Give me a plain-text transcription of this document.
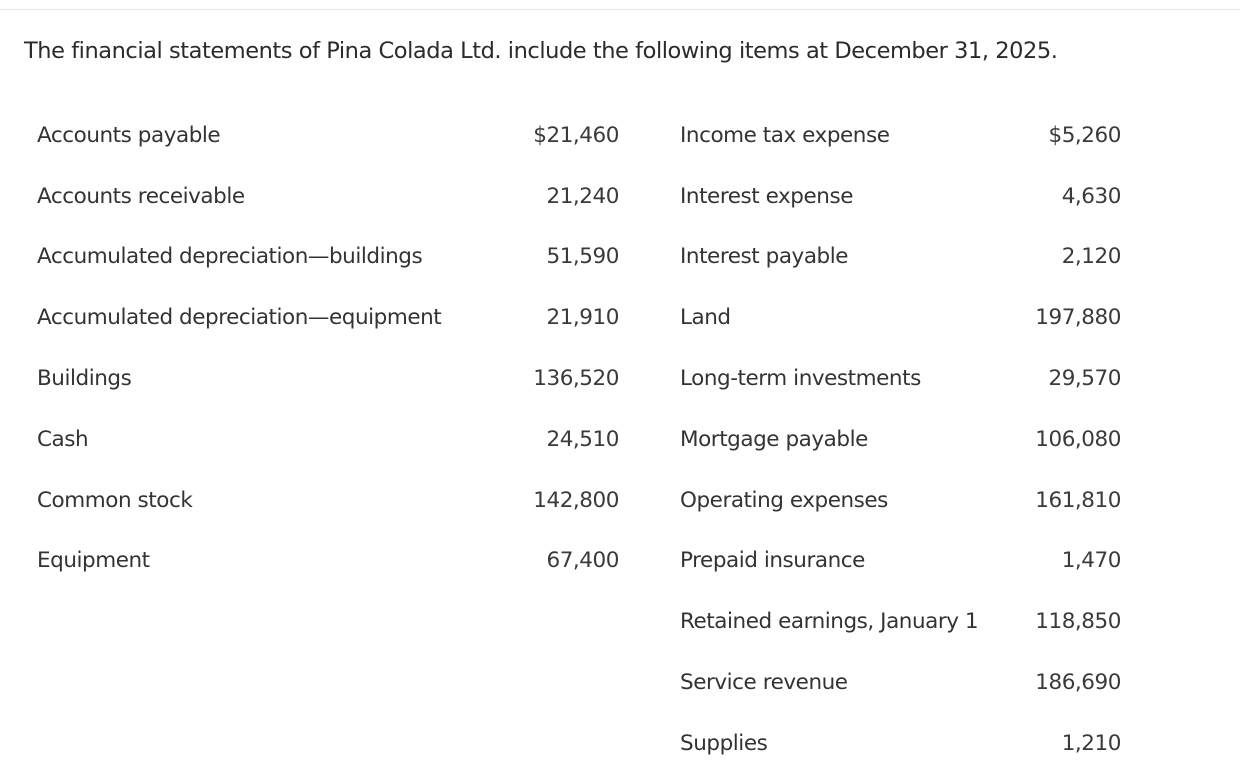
The financial statements of Pina Colada Ltd. include the following items at December 31, 2025.
Accounts payable	$21,460
Accounts receivable	21,240
Accumulated depreciation—buildings	51,590
Accumulated depreciation—equipment	21,910
Buildings	136,520
Cash	24,510
Common stock	142,800
Equipment	67,400
Income tax expense	$5,260
Interest expense	4,630
Interest payable	2,120
Land	197,880
Long-term investments	29,570
Mortgage payable	106,080
Operating expenses	161,810
Prepaid insurance	1,470
Retained earnings, January 1	118,850
Service revenue	186,690
Supplies	1,210
